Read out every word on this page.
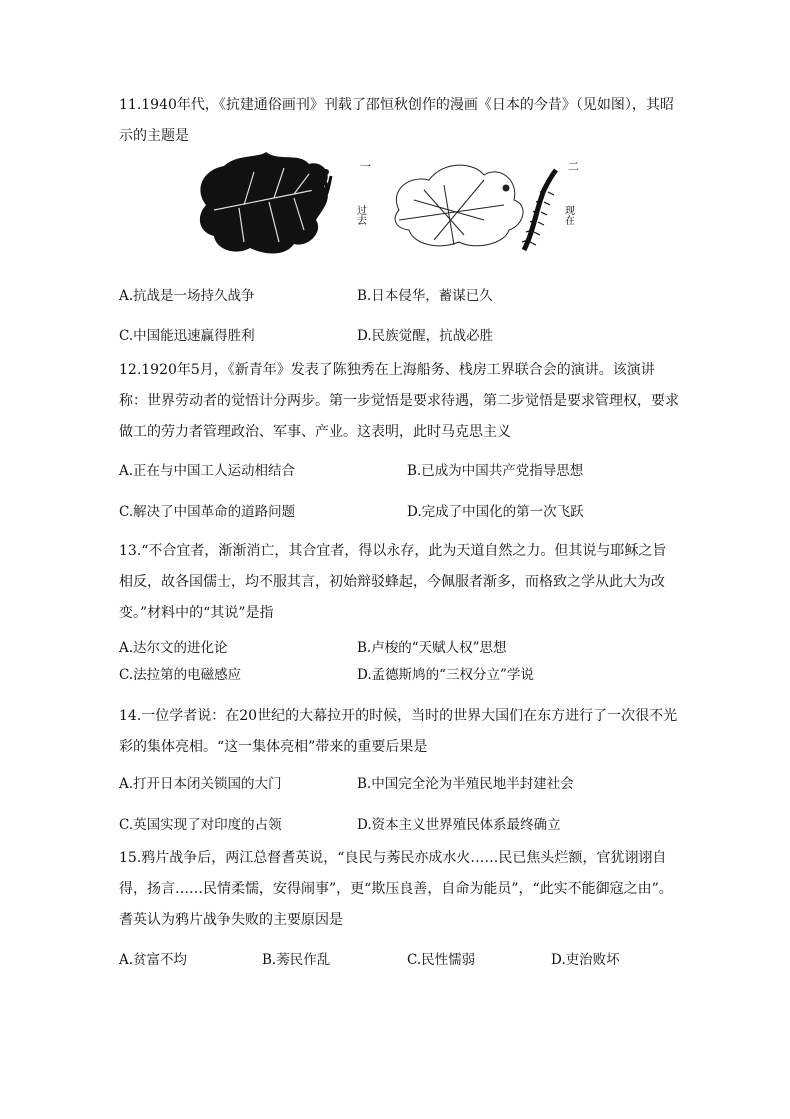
11.1940年代，《抗建通俗画刊》刊载了邵恒秋创作的漫画《日本的今昔》（见如图），其昭示的主题是
一
过去
二
现在
A.抗战是一场持久战争	B.日本侵华，蓄谋已久
C.中国能迅速赢得胜利	D.民族觉醒，抗战必胜
12.1920年5月，《新青年》发表了陈独秀在上海船务、栈房工界联合会的演讲。该演讲称：世界劳动者的觉悟计分两步。第一步觉悟是要求待遇，第二步觉悟是要求管理权，要求做工的劳力者管理政治、军事、产业。这表明，此时马克思主义
A.正在与中国工人运动相结合	B.已成为中国共产党指导思想
C.解决了中国革命的道路问题	D.完成了中国化的第一次飞跃
13.“不合宜者，渐渐消亡，其合宜者，得以永存，此为天道自然之力。但其说与耶稣之旨相反，故各国儒士，均不服其言，初始辩驳蜂起，今佩服者渐多，而格致之学从此大为改变。”材料中的“其说”是指
A.达尔文的进化论	B.卢梭的“天赋人权”思想
C.法拉第的电磁感应	D.孟德斯鸠的“三权分立”学说
14.一位学者说：在20世纪的大幕拉开的时候，当时的世界大国们在东方进行了一次很不光彩的集体亮相。“这一集体亮相”带来的重要后果是
A.打开日本闭关锁国的大门	B.中国完全沦为半殖民地半封建社会
C.英国实现了对印度的占领	D.资本主义世界殖民体系最终确立
15.鸦片战争后，两江总督耆英说，“良民与莠民亦成水火……民已焦头烂额，官犹诩诩自得，扬言……民情柔懦，安得闹事”，更“欺压良善，自命为能员”，“此实不能御寇之由”。耆英认为鸦片战争失败的主要原因是
A.贫富不均	B.莠民作乱	C.民性懦弱	D.吏治败坏
